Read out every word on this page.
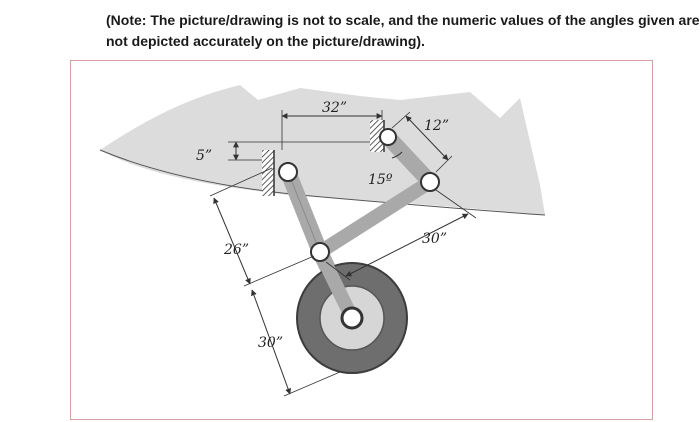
(Note: The picture/drawing is not to scale, and the numeric values of the angles given are
not depicted accurately on the picture/drawing).
32”
5”
15º
12”
30”
26”
30”
